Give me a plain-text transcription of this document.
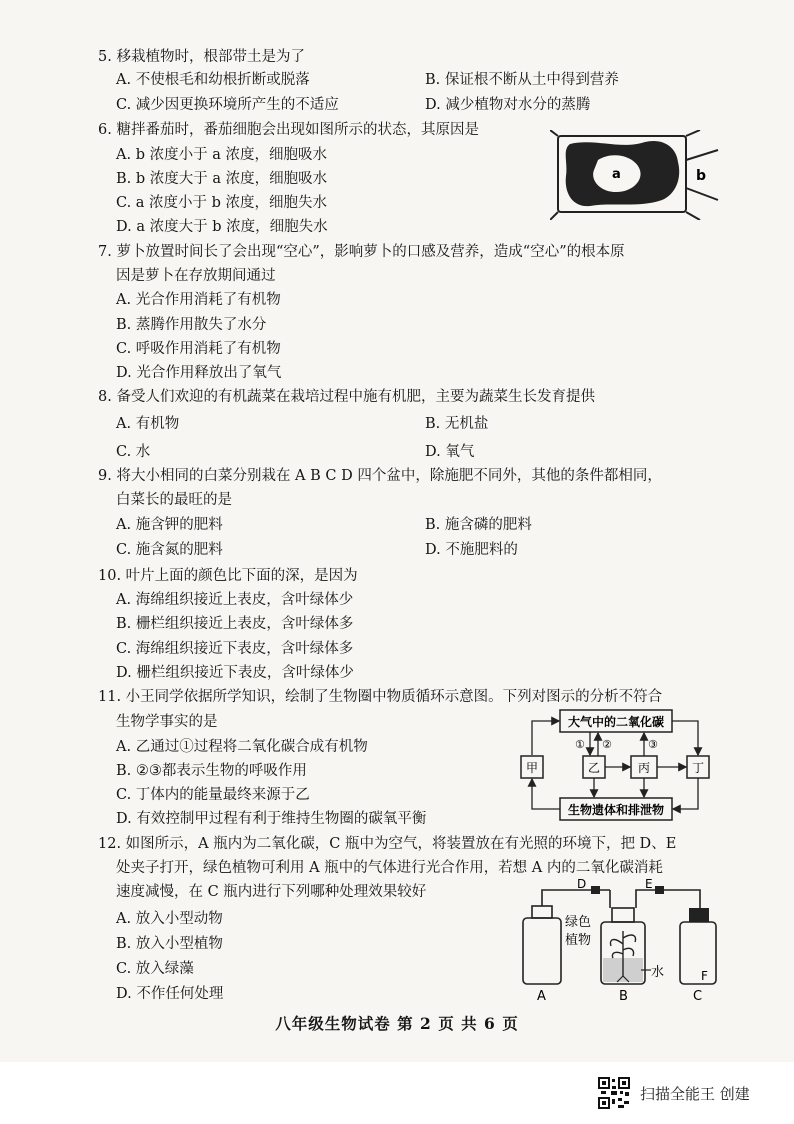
5. 移栽植物时，根部带土是为了
A. 不使根毛和幼根折断或脱落	B. 保证根不断从土中得到营养
C. 减少因更换环境所产生的不适应	D. 减少植物对水分的蒸腾
6. 糖拌番茄时，番茄细胞会出现如图所示的状态，其原因是
A. b 浓度小于 a 浓度，细胞吸水
B. b 浓度大于 a 浓度，细胞吸水
C. a 浓度小于 b 浓度，细胞失水
D. a 浓度大于 b 浓度，细胞失水
a	b
7. 萝卜放置时间长了会出现“空心”，影响萝卜的口感及营养，造成“空心”的根本原
因是萝卜在存放期间通过
A. 光合作用消耗了有机物
B. 蒸腾作用散失了水分
C. 呼吸作用消耗了有机物
D. 光合作用释放出了氧气
8. 备受人们欢迎的有机蔬菜在栽培过程中施有机肥，主要为蔬菜生长发育提供
A. 有机物	B. 无机盐
C. 水	D. 氧气
9. 将大小相同的白菜分别栽在 A B C D 四个盆中，除施肥不同外，其他的条件都相同，
白菜长的最旺的是
A. 施含钾的肥料	B. 施含磷的肥料
C. 施含氮的肥料	D. 不施肥料的
10. 叶片上面的颜色比下面的深，是因为
A. 海绵组织接近上表皮，含叶绿体少
B. 栅栏组织接近上表皮，含叶绿体多
C. 海绵组织接近下表皮，含叶绿体多
D. 栅栏组织接近下表皮，含叶绿体少
11. 小王同学依据所学知识，绘制了生物圈中物质循环示意图。下列对图示的分析不符合
生物学事实的是
A. 乙通过①过程将二氧化碳合成有机物
B. ②③都表示生物的呼吸作用
C. 丁体内的能量最终来源于乙
D. 有效控制甲过程有利于维持生物圈的碳氧平衡
大气中的二氧化碳
生物遗体和排泄物
甲	乙	丙	丁
① ②	③
12. 如图所示，A 瓶内为二氧化碳，C 瓶中为空气，将装置放在有光照的环境下，把 D、E
处夹子打开，绿色植物可利用 A 瓶中的气体进行光合作用，若想 A 内的二氧化碳消耗
速度减慢，在 C 瓶内进行下列哪种处理效果较好
A. 放入小型动物
B. 放入小型植物
C. 放入绿藻
D. 不作任何处理
D
绿色
植物
水
E
F
A	B	C
八年级生物试卷 第 2 页 共 6 页
扫描全能王 创建
